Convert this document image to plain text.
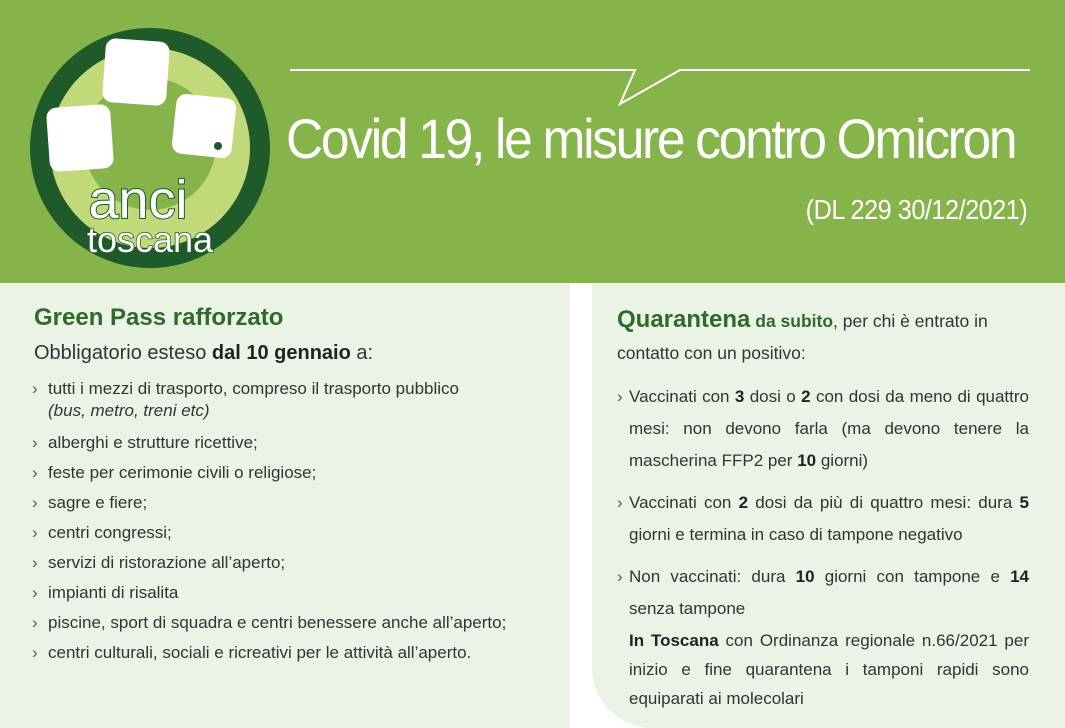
anci
toscana
Covid 19, le misure contro Omicron
(DL 229 30/12/2021)
Green Pass rafforzato
Obbligatorio esteso dal 10 gennaio a:
› tutti i mezzi di trasporto, compreso il trasporto pubblico
(bus, metro, treni etc)
› alberghi e strutture ricettive;
› feste per cerimonie civili o religiose;
› sagre e fiere;
› centri congressi;
› servizi di ristorazione all’aperto;
› impianti di risalita
› piscine, sport di squadra e centri benessere anche all’aperto;
› centri culturali, sociali e ricreativi per le attività all’aperto.
Quarantena da subito, per chi è entrato in contatto con un positivo:
› Vaccinati con 3 dosi o 2 con dosi da meno di quattro mesi: non devono farla (ma devono tenere la mascherina FFP2 per 10 giorni)
› Vaccinati con 2 dosi da più di quattro mesi: dura 5 giorni e termina in caso di tampone negativo
› Non vaccinati: dura 10 giorni con tampone e 14 senza tampone
In Toscana con Ordinanza regionale n.66/2021 per inizio e fine quarantena i tamponi rapidi sono equiparati ai molecolari
